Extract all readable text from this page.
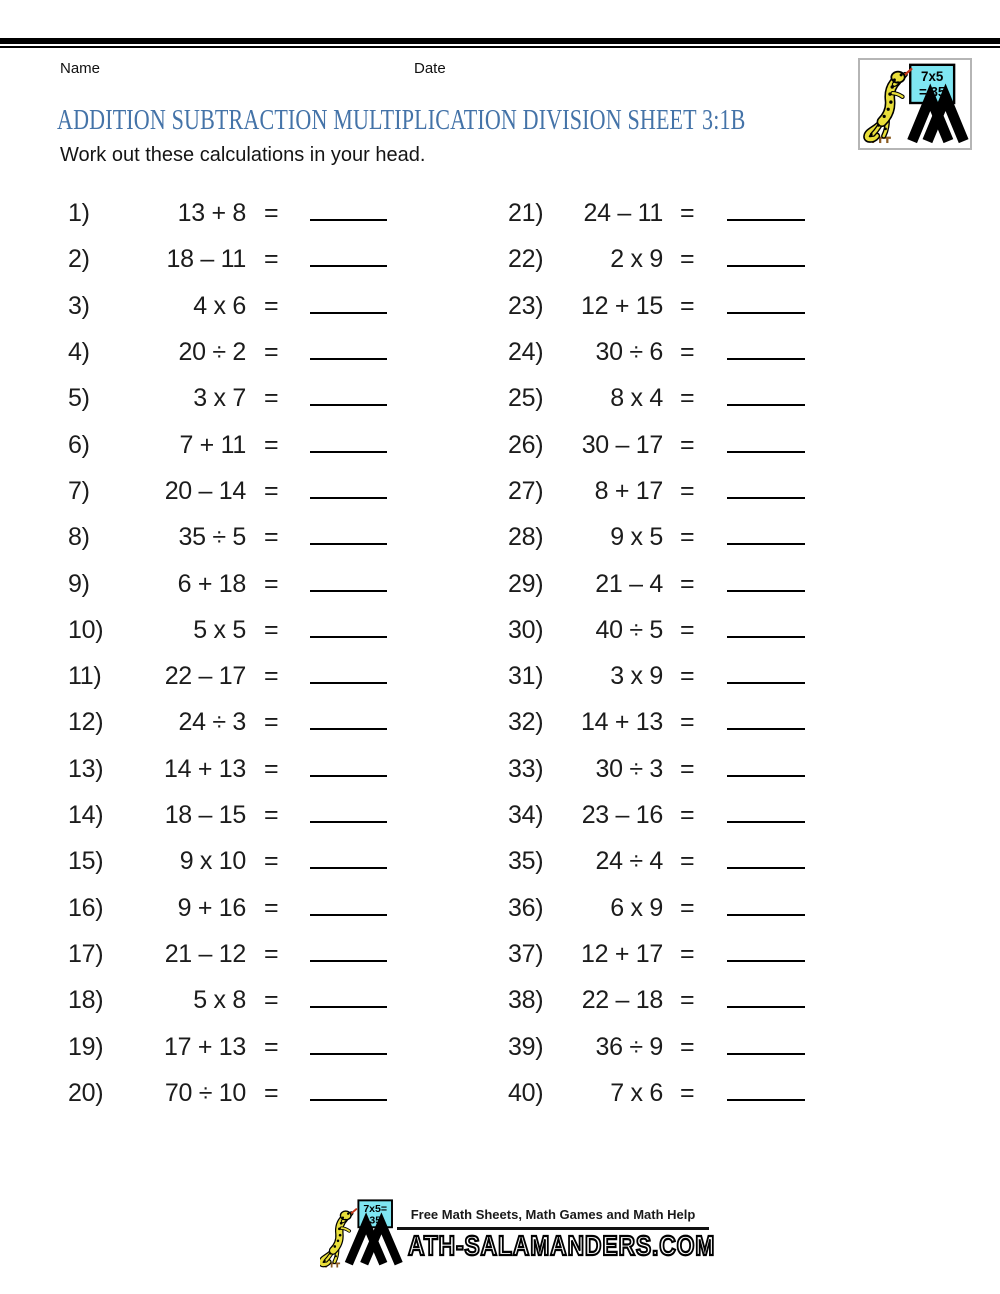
Name	Date	7x5
= 35
ADDITION SUBTRACTION MULTIPLICATION DIVISION SHEET 3:1B
Work out these calculations in your head.
1)	13 + 8 =
2)	18 – 11 =
3)	4 x 6 =
4)	20 ÷ 2 =
5)	3 x 7 =
6)	7 + 11 =
7)	20 – 14 =
8)	35 ÷ 5 =
9)	6 + 18 =
10)	5 x 5 =
11)	22 – 17 =
12)	24 ÷ 3 =
13)	14 + 13 =
14)	18 – 15 =
15)	9 x 10 =
16)	9 + 16 =
17)	21 – 12 =
18)	5 x 8 =
19)	17 + 13 =
20)	70 ÷ 10 =
21)	24 – 11 =
22)	2 x 9 =
23)	12 + 15 =
24)	30 ÷ 6 =
25)	8 x 4 =
26)	30 – 17 =
27)	8 + 17 =
28)	9 x 5 =
29)	21 – 4 =
30)	40 ÷ 5 =
31)	3 x 9 =
32)	14 + 13 =
33)	30 ÷ 3 =
34)	23 – 16 =
35)	24 ÷ 4 =
36)	6 x 9 =
37)	12 + 17 =
38)	22 – 18 =
39)	36 ÷ 9 =
40)	7 x 6 =
7x5=
35	Free Math Sheets, Math Games and Math Help
ATH-SALAMANDERS.COM
